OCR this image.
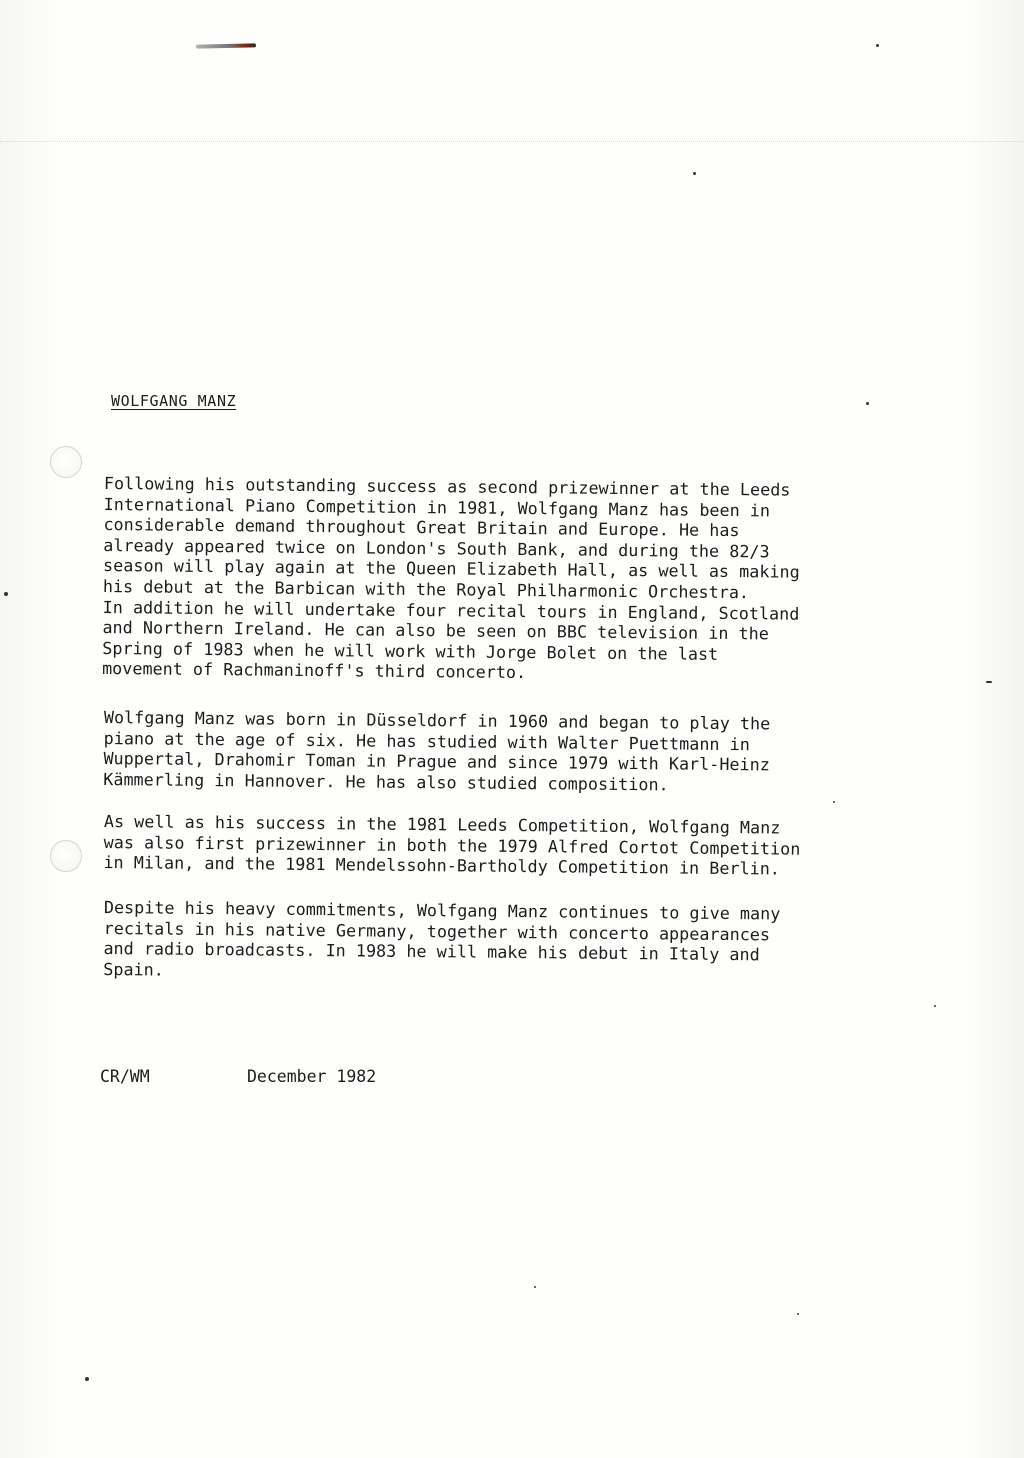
WOLFGANG MANZ

Following his outstanding success as second prizewinner at the Leeds
International Piano Competition in 1981, Wolfgang Manz has been in
considerable demand throughout Great Britain and Europe. He has
already appeared twice on London's South Bank, and during the 82/3
season will play again at the Queen Elizabeth Hall, as well as making
his debut at the Barbican with the Royal Philharmonic Orchestra.
In addition he will undertake four recital tours in England, Scotland
and Northern Ireland. He can also be seen on BBC television in the
Spring of 1983 when he will work with Jorge Bolet on the last
movement of Rachmaninoff's third concerto.

Wolfgang Manz was born in Düsseldorf in 1960 and began to play the
piano at the age of six. He has studied with Walter Puettmann in
Wuppertal, Drahomir Toman in Prague and since 1979 with Karl-Heinz
Kämmerling in Hannover. He has also studied composition.

As well as his success in the 1981 Leeds Competition, Wolfgang Manz
was also first prizewinner in both the 1979 Alfred Cortot Competition
in Milan, and the 1981 Mendelssohn-Bartholdy Competition in Berlin.

Despite his heavy commitments, Wolfgang Manz continues to give many
recitals in his native Germany, together with concerto appearances
and radio broadcasts. In 1983 he will make his debut in Italy and
Spain.

CR/WM	December 1982
